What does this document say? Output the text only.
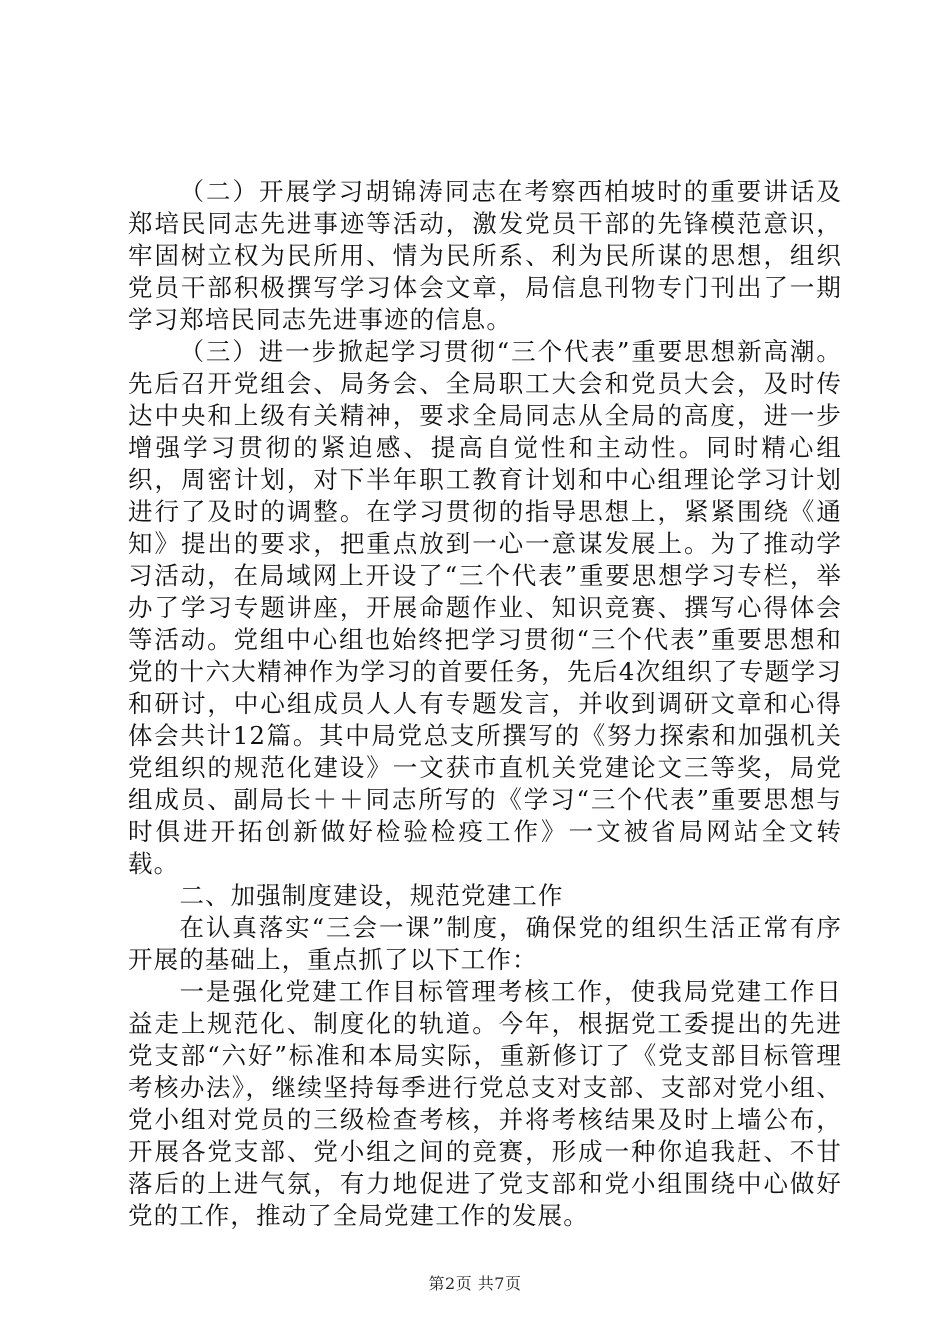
（二）开展学习胡锦涛同志在考察西柏坡时的重要讲话及郑培民同志先进事迹等活动，激发党员干部的先锋模范意识，牢固树立权为民所用、情为民所系、利为民所谋的思想，组织党员干部积极撰写学习体会文章，局信息刊物专门刊出了一期学习郑培民同志先进事迹的信息。

（三）进一步掀起学习贯彻“三个代表”重要思想新高潮。先后召开党组会、局务会、全局职工大会和党员大会，及时传达中央和上级有关精神，要求全局同志从全局的高度，进一步增强学习贯彻的紧迫感、提高自觉性和主动性。同时精心组织，周密计划，对下半年职工教育计划和中心组理论学习计划进行了及时的调整。在学习贯彻的指导思想上，紧紧围绕《通知》提出的要求，把重点放到一心一意谋发展上。为了推动学习活动，在局域网上开设了“三个代表”重要思想学习专栏，举办了学习专题讲座，开展命题作业、知识竞赛、撰写心得体会等活动。党组中心组也始终把学习贯彻“三个代表”重要思想和党的十六大精神作为学习的首要任务，先后4次组织了专题学习和研讨，中心组成员人人有专题发言，并收到调研文章和心得体会共计12篇。其中局党总支所撰写的《努力探索和加强机关党组织的规范化建设》一文获市直机关党建论文三等奖，局党组成员、副局长＋＋同志所写的《学习“三个代表”重要思想与时俱进开拓创新做好检验检疫工作》一文被省局网站全文转载。

二、加强制度建设，规范党建工作

在认真落实“三会一课”制度，确保党的组织生活正常有序开展的基础上，重点抓了以下工作：

一是强化党建工作目标管理考核工作，使我局党建工作日益走上规范化、制度化的轨道。今年，根据党工委提出的先进党支部“六好”标准和本局实际，重新修订了《党支部目标管理考核办法》，继续坚持每季进行党总支对支部、支部对党小组、党小组对党员的三级检查考核，并将考核结果及时上墙公布，开展各党支部、党小组之间的竞赛，形成一种你追我赶、不甘落后的上进气氛，有力地促进了党支部和党小组围绕中心做好党的工作，推动了全局党建工作的发展。

第2页 共7页
